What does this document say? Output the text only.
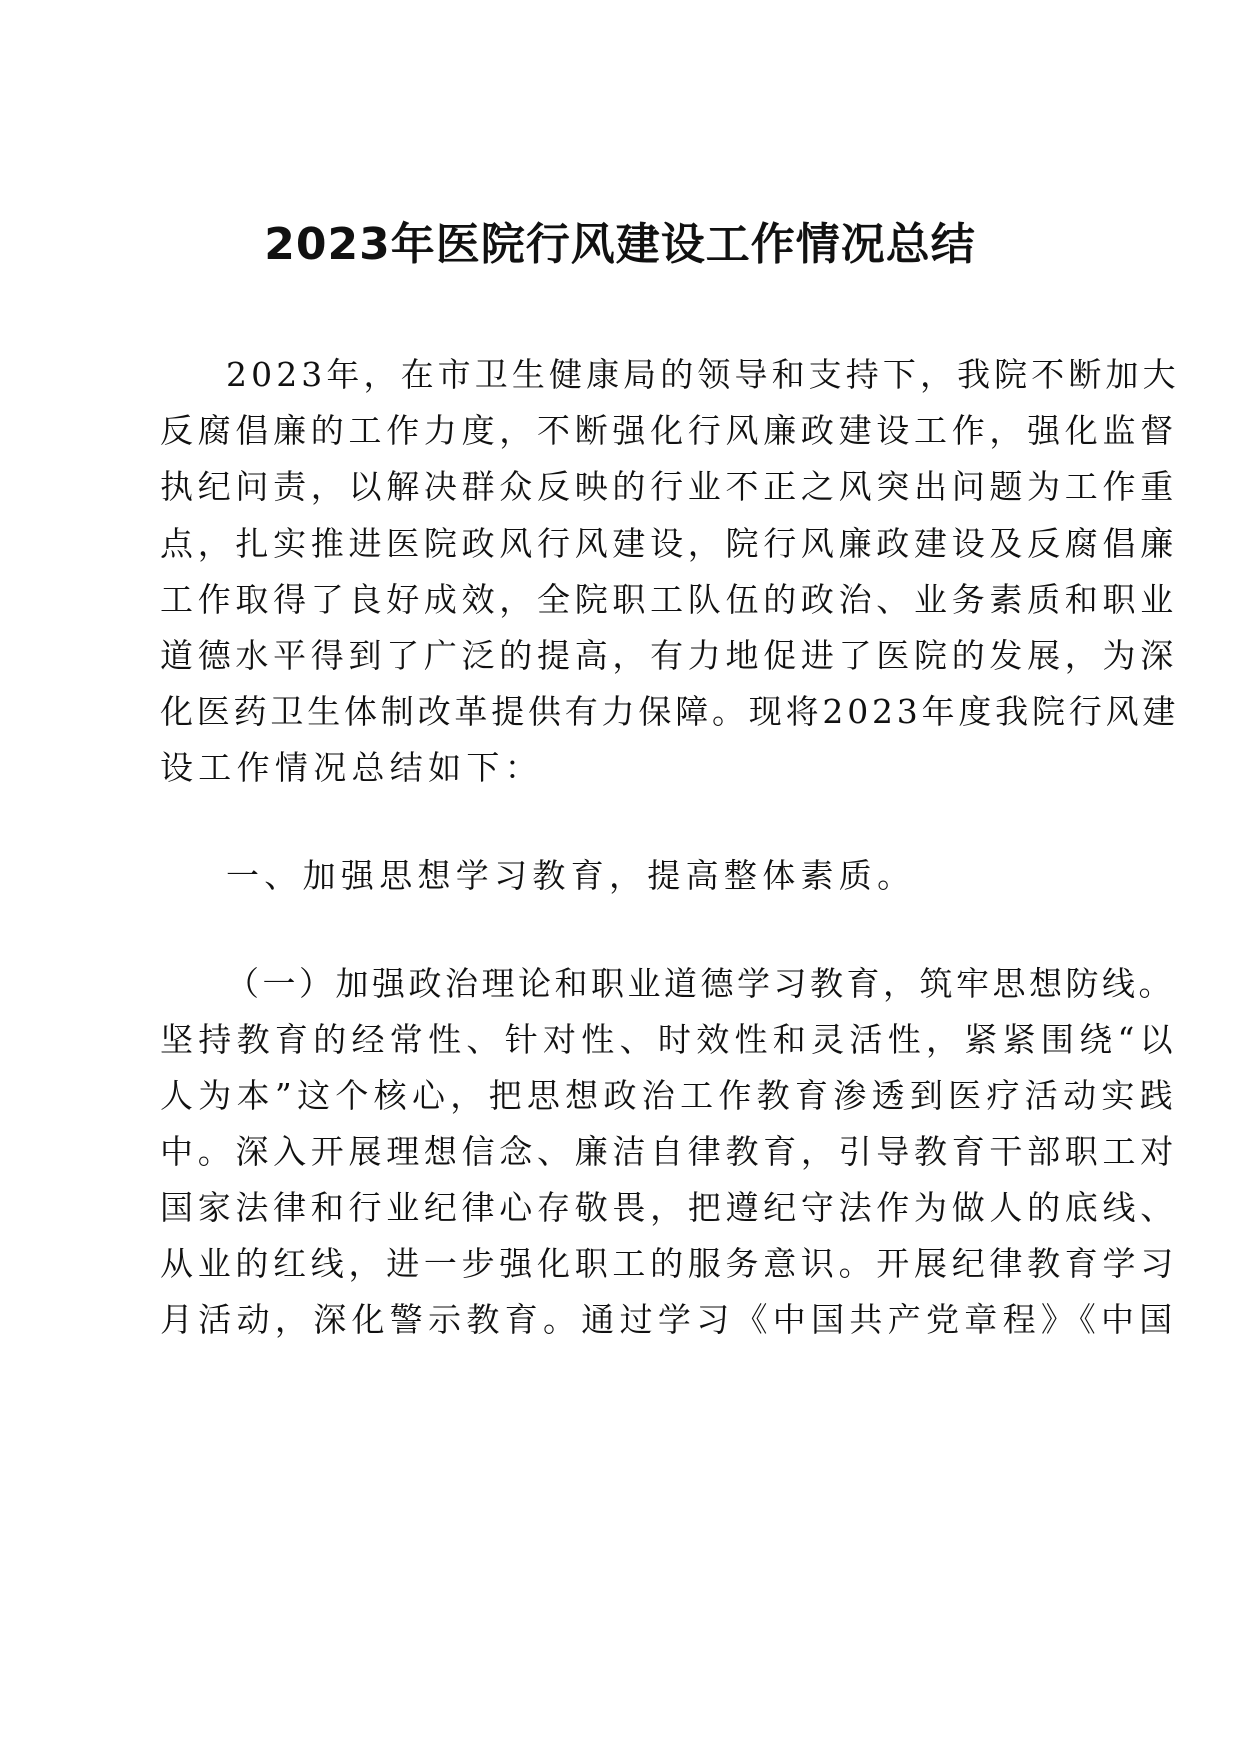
2023年医院行风建设工作情况总结

2023年，在市卫生健康局的领导和支持下，我院不断加大

反腐倡廉的工作力度，不断强化行风廉政建设工作，强化监督

执纪问责，以解决群众反映的行业不正之风突出问题为工作重

点，扎实推进医院政风行风建设，院行风廉政建设及反腐倡廉

工作取得了良好成效，全院职工队伍的政治、业务素质和职业

道德水平得到了广泛的提高，有力地促进了医院的发展，为深

化医药卫生体制改革提供有力保障。现将2023年度我院行风建

设工作情况总结如下：

一、加强思想学习教育，提高整体素质。

（一）加强政治理论和职业道德学习教育，筑牢思想防线。

坚持教育的经常性、针对性、时效性和灵活性，紧紧围绕“以

人为本”这个核心，把思想政治工作教育渗透到医疗活动实践

中。深入开展理想信念、廉洁自律教育，引导教育干部职工对

国家法律和行业纪律心存敬畏，把遵纪守法作为做人的底线、

从业的红线，进一步强化职工的服务意识。开展纪律教育学习

月活动，深化警示教育。通过学习《中国共产党章程》《中国
